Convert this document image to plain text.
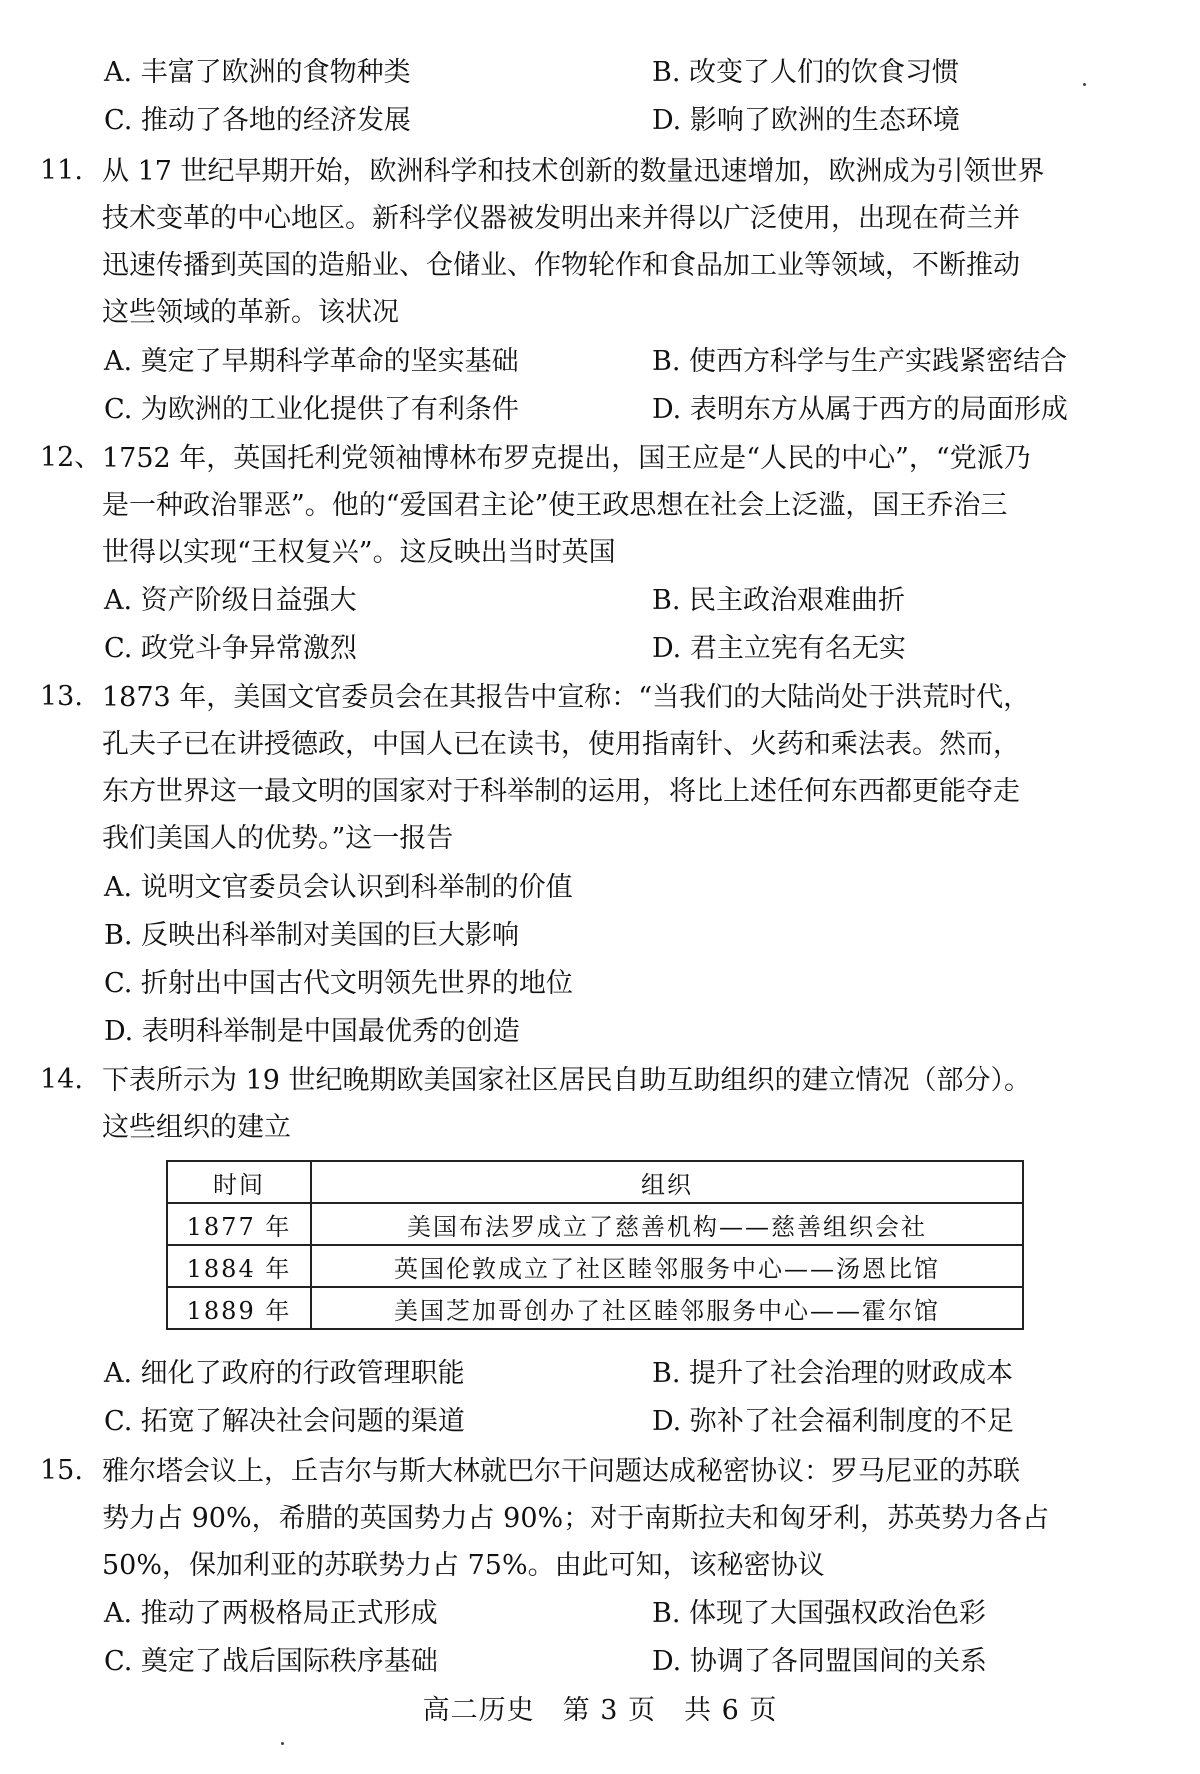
A. 丰富了欧洲的食物种类	B. 改变了人们的饮食习惯
C. 推动了各地的经济发展	D. 影响了欧洲的生态环境
11. 从 17 世纪早期开始，欧洲科学和技术创新的数量迅速增加，欧洲成为引领世界
技术变革的中心地区。新科学仪器被发明出来并得以广泛使用，出现在荷兰并
迅速传播到英国的造船业、仓储业、作物轮作和食品加工业等领域，不断推动
这些领域的革新。该状况
A. 奠定了早期科学革命的坚实基础	B. 使西方科学与生产实践紧密结合
C. 为欧洲的工业化提供了有利条件	D. 表明东方从属于西方的局面形成
12、 1752 年，英国托利党领袖博林布罗克提出，国王应是“人民的中心”，“党派乃
是一种政治罪恶”。他的“爱国君主论”使王政思想在社会上泛滥，国王乔治三
世得以实现“王权复兴”。这反映出当时英国
A. 资产阶级日益强大	B. 民主政治艰难曲折
C. 政党斗争异常激烈	D. 君主立宪有名无实
13. 1873 年，美国文官委员会在其报告中宣称：“当我们的大陆尚处于洪荒时代，
孔夫子已在讲授德政，中国人已在读书，使用指南针、火药和乘法表。然而，
东方世界这一最文明的国家对于科举制的运用，将比上述任何东西都更能夺走
我们美国人的优势。”这一报告
A. 说明文官委员会认识到科举制的价值
B. 反映出科举制对美国的巨大影响
C. 折射出中国古代文明领先世界的地位
D. 表明科举制是中国最优秀的创造
14. 下表所示为 19 世纪晚期欧美国家社区居民自助互助组织的建立情况（部分）。
这些组织的建立
时间	组织
1877 年	美国布法罗成立了慈善机构——慈善组织会社
1884 年	英国伦敦成立了社区睦邻服务中心——汤恩比馆
1889 年	美国芝加哥创办了社区睦邻服务中心——霍尔馆
A. 细化了政府的行政管理职能	B. 提升了社会治理的财政成本
C. 拓宽了解决社会问题的渠道	D. 弥补了社会福利制度的不足
15. 雅尔塔会议上，丘吉尔与斯大林就巴尔干问题达成秘密协议：罗马尼亚的苏联
势力占 90%，希腊的英国势力占 90%；对于南斯拉夫和匈牙利，苏英势力各占
50%，保加利亚的苏联势力占 75%。由此可知，该秘密协议
A. 推动了两极格局正式形成	B. 体现了大国强权政治色彩
C. 奠定了战后国际秩序基础	D. 协调了各同盟国间的关系
高二历史　第 3 页　共 6 页
